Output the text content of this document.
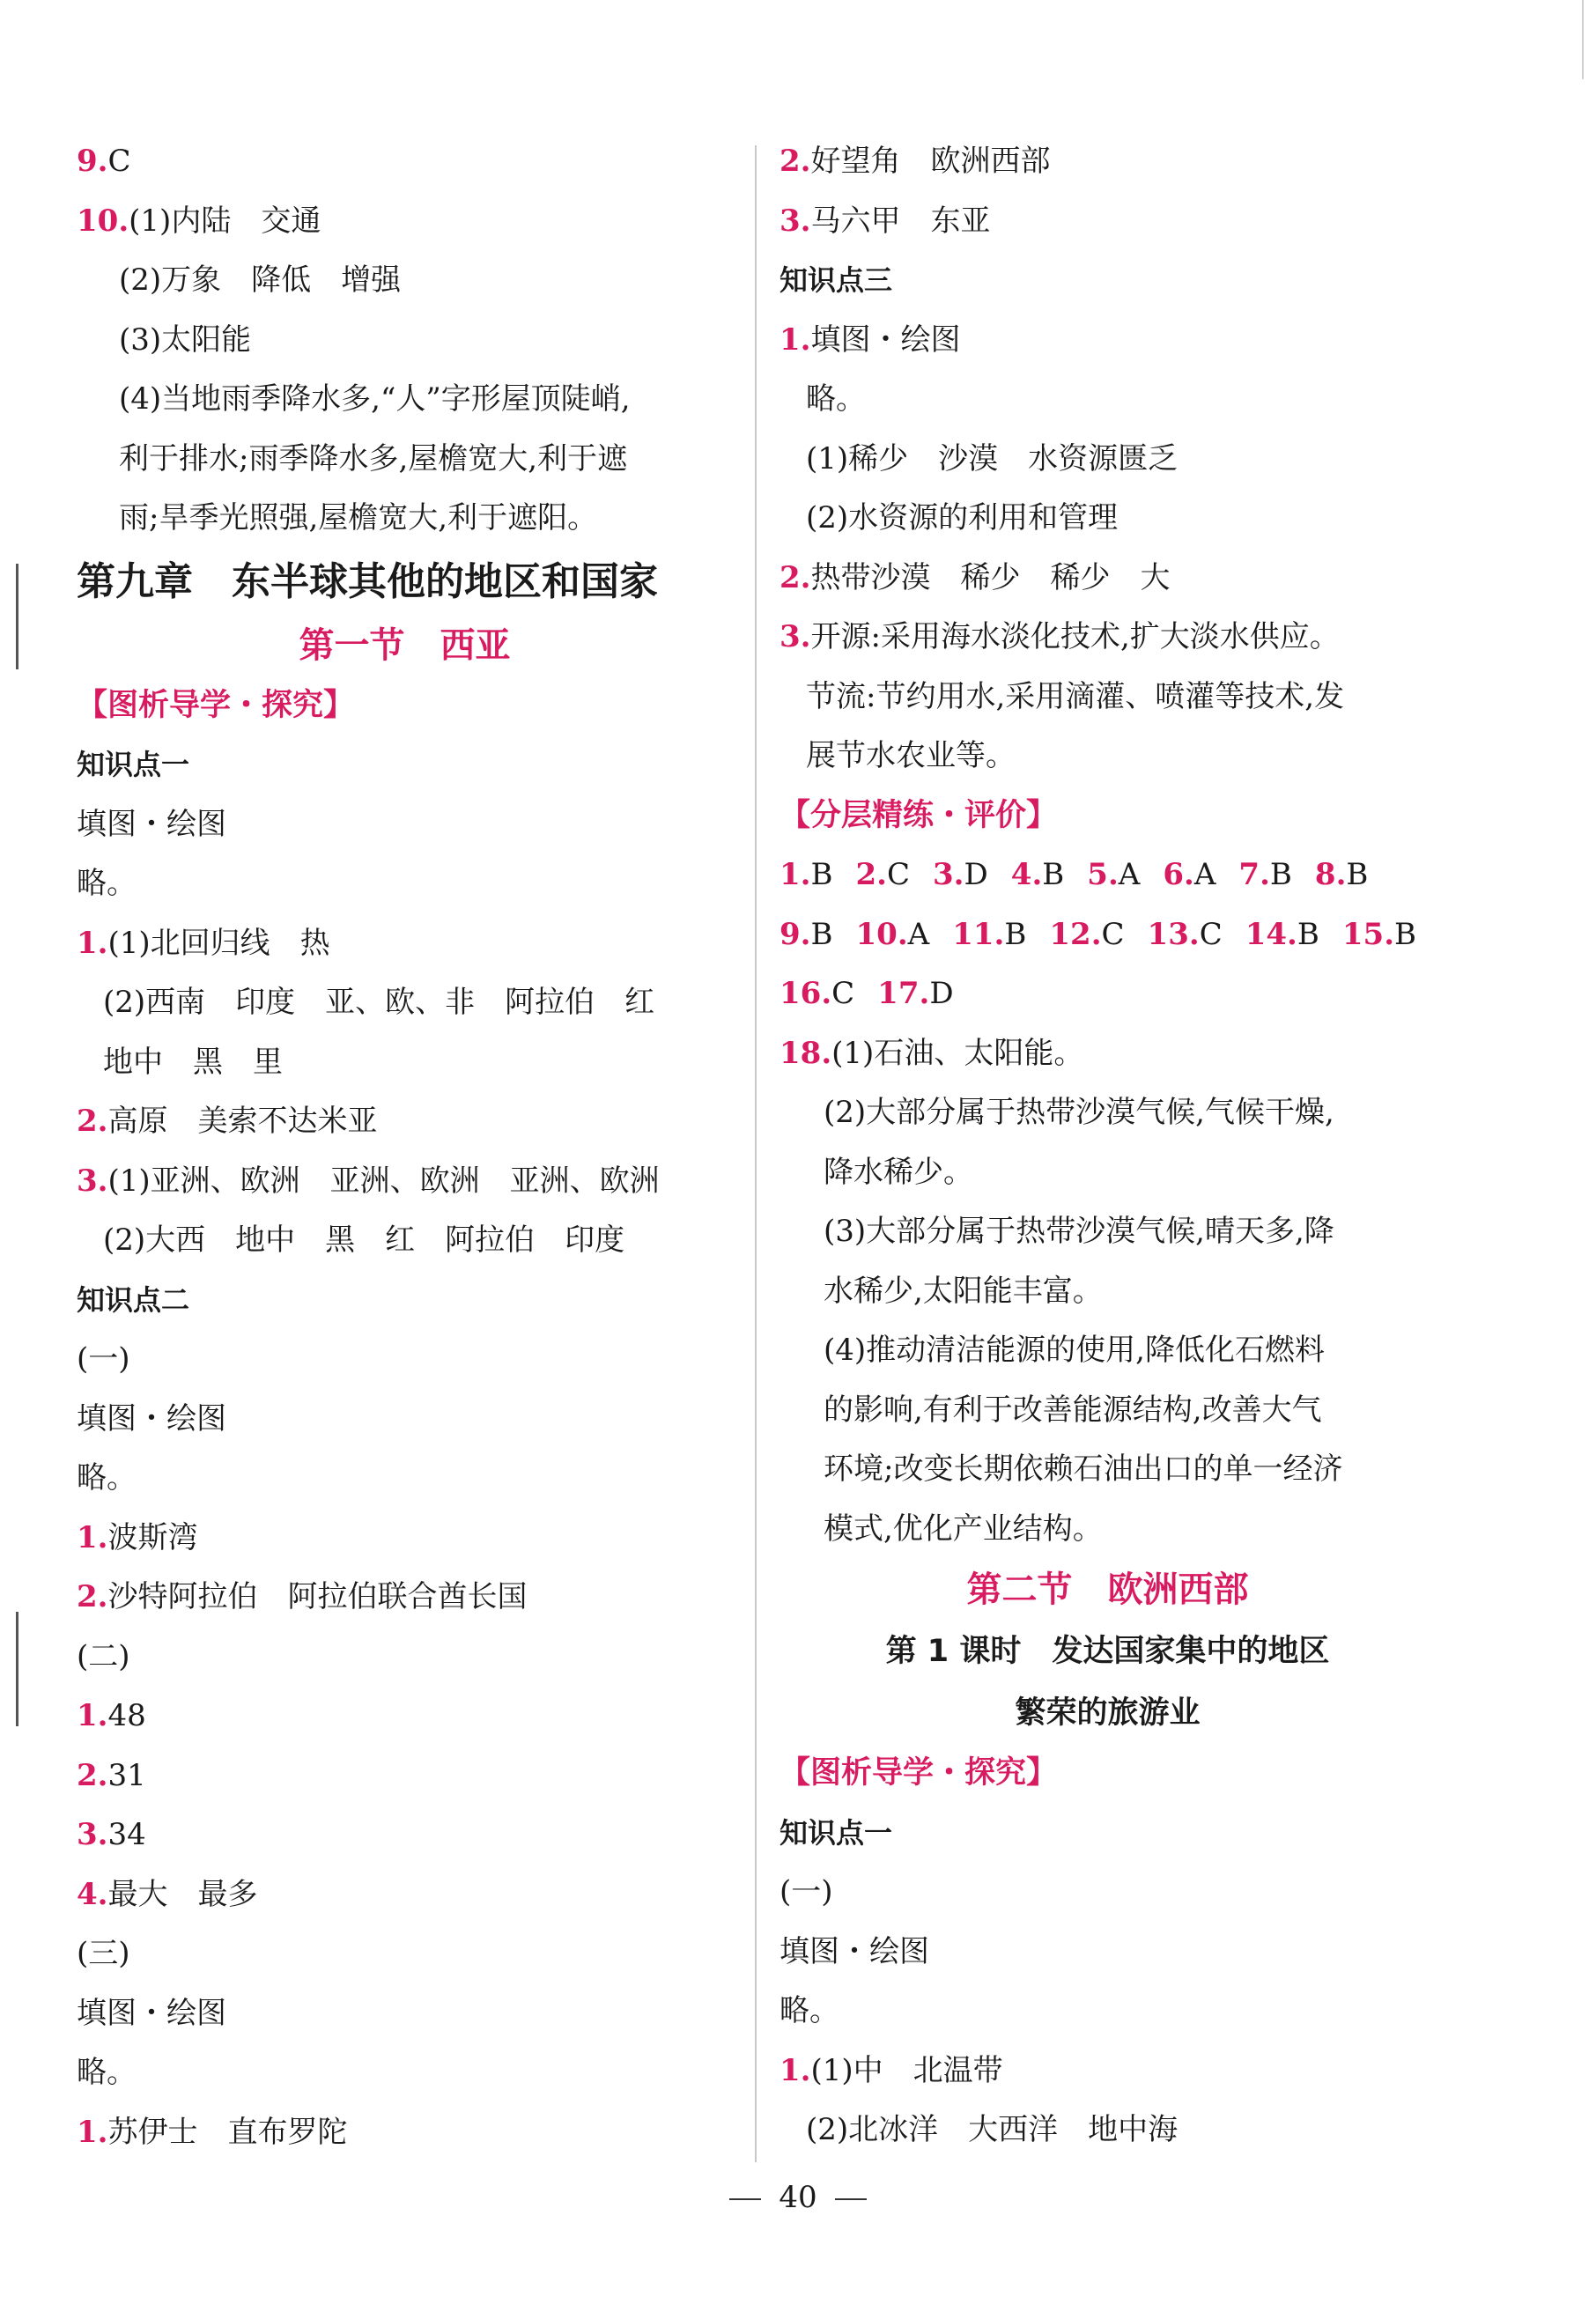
9.C
10.(1)内陆　交通
(2)万象　降低　增强
(3)太阳能
(4)当地雨季降水多,“人”字形屋顶陡峭,
利于排水;雨季降水多,屋檐宽大,利于遮
雨;旱季光照强,屋檐宽大,利于遮阳。
第九章　东半球其他的地区和国家
第一节　西亚
【图析导学・探究】
知识点一
填图・绘图
略。
1.(1)北回归线　热
(2)西南　印度　亚、欧、非　阿拉伯　红
地中　黑　里
2.高原　美索不达米亚
3.(1)亚洲、欧洲　亚洲、欧洲　亚洲、欧洲
(2)大西　地中　黑　红　阿拉伯　印度
知识点二
(一)
填图・绘图
略。
1.波斯湾
2.沙特阿拉伯　阿拉伯联合酋长国
(二)
1.48
2.31
3.34
4.最大　最多
(三)
填图・绘图
略。
1.苏伊士　直布罗陀
2.好望角　欧洲西部
3.马六甲　东亚
知识点三
1.填图・绘图
略。
(1)稀少　沙漠　水资源匮乏
(2)水资源的利用和管理
2.热带沙漠　稀少　稀少　大
3.开源:采用海水淡化技术,扩大淡水供应。
节流:节约用水,采用滴灌、喷灌等技术,发
展节水农业等。
【分层精练・评价】
1.B 2.C 3.D 4.B 5.A 6.A 7.B 8.B
9.B 10.A 11.B 12.C 13.C 14.B 15.B
16.C 17.D
18.(1)石油、太阳能。
(2)大部分属于热带沙漠气候,气候干燥,
降水稀少。
(3)大部分属于热带沙漠气候,晴天多,降
水稀少,太阳能丰富。
(4)推动清洁能源的使用,降低化石燃料
的影响,有利于改善能源结构,改善大气
环境;改变长期依赖石油出口的单一经济
模式,优化产业结构。
第二节　欧洲西部
第 1 课时　发达国家集中的地区
繁荣的旅游业
【图析导学・探究】
知识点一
(一)
填图・绘图
略。
1.(1)中　北温带
(2)北冰洋　大西洋　地中海
40
